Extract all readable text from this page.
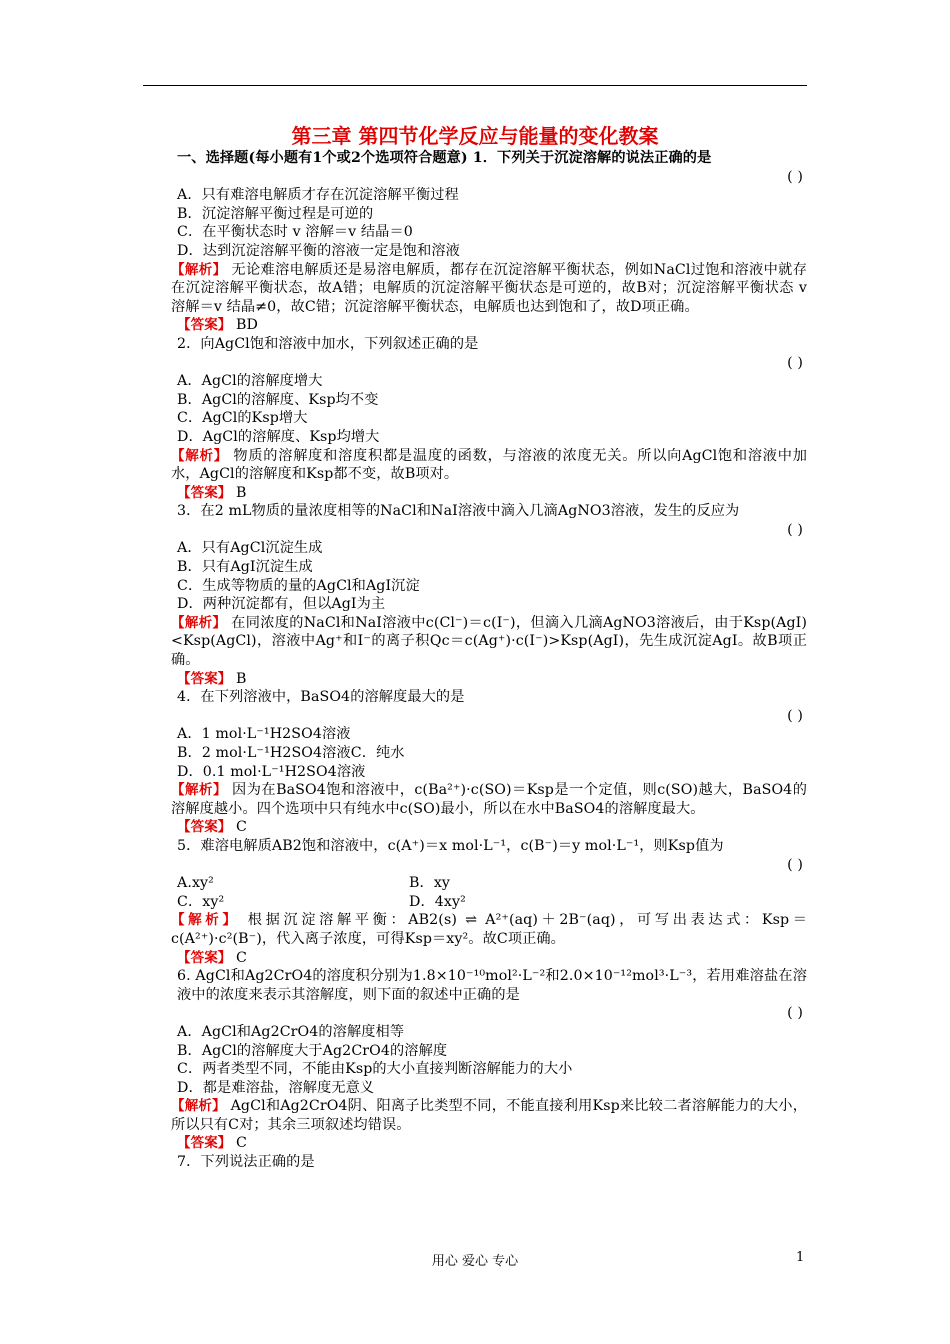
第三章 第四节化学反应与能量的变化教案
一、选择题(每小题有1个或2个选项符合题意) 1．下列关于沉淀溶解的说法正确的是
( )
A．只有难溶电解质才存在沉淀溶解平衡过程
B．沉淀溶解平衡过程是可逆的
C．在平衡状态时 v 溶解＝v 结晶＝0
D．达到沉淀溶解平衡的溶液一定是饱和溶液
【解析】 无论难溶电解质还是易溶电解质，都存在沉淀溶解平衡状态，例如NaCl过饱和溶液中就存在沉淀溶解平衡状态，故A错；电解质的沉淀溶解平衡状态是可逆的，故B对；沉淀溶解平衡状态 v 溶解＝v 结晶≠0，故C错；沉淀溶解平衡状态，电解质也达到饱和了，故D项正确。
【答案】 BD
2．向AgCl饱和溶液中加水，下列叙述正确的是
( )
A．AgCl的溶解度增大
B．AgCl的溶解度、Ksp均不变
C．AgCl的Ksp增大
D．AgCl的溶解度、Ksp均增大
【解析】 物质的溶解度和溶度积都是温度的函数，与溶液的浓度无关。所以向AgCl饱和溶液中加水，AgCl的溶解度和Ksp都不变，故B项对。
【答案】 B
3．在2 mL物质的量浓度相等的NaCl和NaI溶液中滴入几滴AgNO3溶液，发生的反应为
( )
A．只有AgCl沉淀生成
B．只有AgI沉淀生成
C．生成等物质的量的AgCl和AgI沉淀
D．两种沉淀都有，但以AgI为主
【解析】 在同浓度的NaCl和NaI溶液中c(Cl⁻)＝c(I⁻)，但滴入几滴AgNO3溶液后，由于Ksp(AgI)<Ksp(AgCl)，溶液中Ag⁺和I⁻的离子积Qc＝c(Ag⁺)·c(I⁻)>Ksp(AgI)，先生成沉淀AgI。故B项正确。
【答案】 B
4．在下列溶液中，BaSO4的溶解度最大的是
( )
A．1 mol·L⁻¹H2SO4溶液
B．2 mol·L⁻¹H2SO4溶液C．纯水
D．0.1 mol·L⁻¹H2SO4溶液
【解析】 因为在BaSO4饱和溶液中，c(Ba²⁺)·c(SO)＝Ksp是一个定值，则c(SO)越大，BaSO4的溶解度越小。四个选项中只有纯水中c(SO)最小，所以在水中BaSO4的溶解度最大。
【答案】 C
5．难溶电解质AB2饱和溶液中，c(A⁺)＝x mol·L⁻¹，c(B⁻)＝y mol·L⁻¹，则Ksp值为
( )
A.xy²	B．xy
C．xy²	D．4xy²
【解析】 根据沉淀溶解平衡：AB2(s) ⇌ A²⁺(aq)＋2B⁻(aq)，可写出表达式：Ksp＝c(A²⁺)·c²(B⁻)，代入离子浓度，可得Ksp＝xy²。故C项正确。
【答案】 C
6. AgCl和Ag2CrO4的溶度积分别为1.8×10⁻¹⁰mol²·L⁻²和2.0×10⁻¹²mol³·L⁻³，若用难溶盐在溶液中的浓度来表示其溶解度，则下面的叙述中正确的是
( )
A．AgCl和Ag2CrO4的溶解度相等
B．AgCl的溶解度大于Ag2CrO4的溶解度
C．两者类型不同，不能由Ksp的大小直接判断溶解能力的大小
D．都是难溶盐，溶解度无意义
【解析】 AgCl和Ag2CrO4阴、阳离子比类型不同，不能直接利用Ksp来比较二者溶解能力的大小，所以只有C对；其余三项叙述均错误。
【答案】 C
7．下列说法正确的是
用心 爱心 专心	1
